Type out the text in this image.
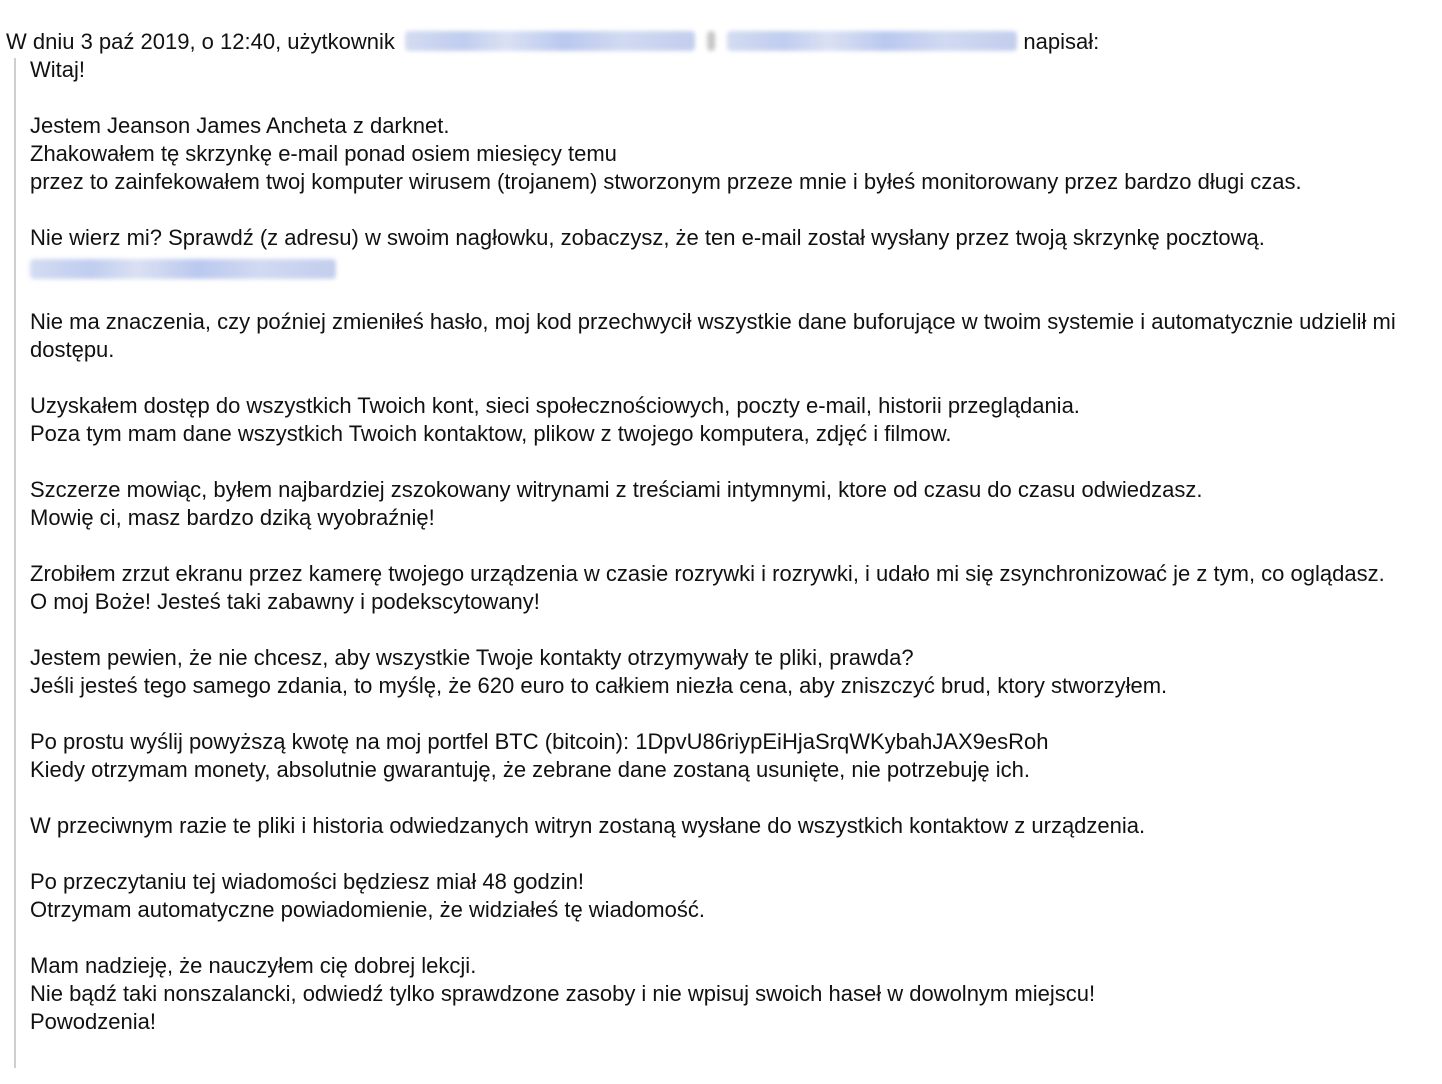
W dniu 3 paź 2019, o 12:40, użytkownik	napisał:
Witaj!
Jestem Jeanson James Ancheta z darknet.
Zhakowałem tę skrzynkę e-mail ponad osiem miesięcy temu
przez to zainfekowałem twoj komputer wirusem (trojanem) stworzonym przeze mnie i byłeś monitorowany przez bardzo długi czas.
Nie wierz mi? Sprawdź (z adresu) w swoim nagłowku, zobaczysz, że ten e-mail został wysłany przez twoją skrzynkę pocztową.
Nie ma znaczenia, czy poźniej zmieniłeś hasło, moj kod przechwycił wszystkie dane buforujące w twoim systemie i automatycznie udzielił mi dostępu.
Uzyskałem dostęp do wszystkich Twoich kont, sieci społecznościowych, poczty e-mail, historii przeglądania.
Poza tym mam dane wszystkich Twoich kontaktow, plikow z twojego komputera, zdjęć i filmow.
Szczerze mowiąc, byłem najbardziej zszokowany witrynami z treściami intymnymi, ktore od czasu do czasu odwiedzasz.
Mowię ci, masz bardzo dziką wyobraźnię!
Zrobiłem zrzut ekranu przez kamerę twojego urządzenia w czasie rozrywki i rozrywki, i udało mi się zsynchronizować je z tym, co oglądasz.
O moj Boże! Jesteś taki zabawny i podekscytowany!
Jestem pewien, że nie chcesz, aby wszystkie Twoje kontakty otrzymywały te pliki, prawda?
Jeśli jesteś tego samego zdania, to myślę, że 620 euro to całkiem niezła cena, aby zniszczyć brud, ktory stworzyłem.
Po prostu wyślij powyższą kwotę na moj portfel BTC (bitcoin): 1DpvU86riypEiHjaSrqWKybahJAX9esRoh
Kiedy otrzymam monety, absolutnie gwarantuję, że zebrane dane zostaną usunięte, nie potrzebuję ich.
W przeciwnym razie te pliki i historia odwiedzanych witryn zostaną wysłane do wszystkich kontaktow z urządzenia.
Po przeczytaniu tej wiadomości będziesz miał 48 godzin!
Otrzymam automatyczne powiadomienie, że widziałeś tę wiadomość.
Mam nadzieję, że nauczyłem cię dobrej lekcji.
Nie bądź taki nonszalancki, odwiedź tylko sprawdzone zasoby i nie wpisuj swoich haseł w dowolnym miejscu!
Powodzenia!
